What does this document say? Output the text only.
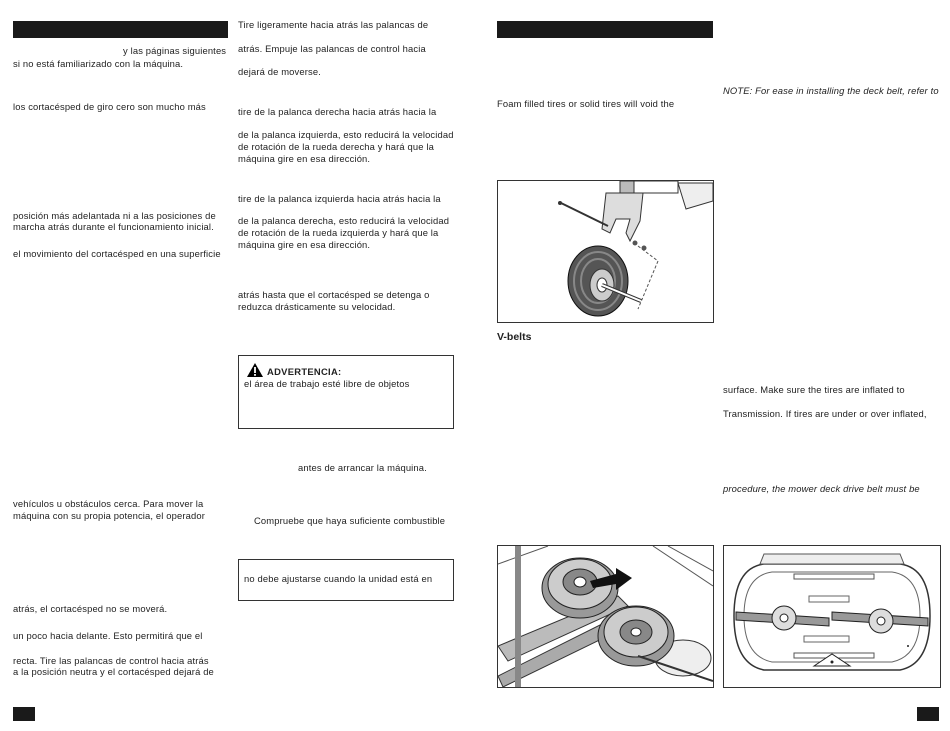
y las páginas siguientes
si no está familiarizado con la máquina.
los cortacésped de giro cero son mucho más
posición más adelantada ni a las posiciones de
marcha atrás durante el funcionamiento inicial.
el movimiento del cortacésped en una superficie
vehículos u obstáculos cerca. Para mover la
máquina con su propia potencia, el operador
atrás, el cortacésped no se moverá.
un poco hacia delante. Esto permitirá que el
recta. Tire las palancas de control hacia atrás
a la posición neutra y el cortacésped dejará de
Tire ligeramente hacia atrás las palancas de
atrás. Empuje las palancas de control hacia
dejará de moverse.
tire de la palanca derecha hacia atrás hacia la
de la palanca izquierda, esto reducirá la velocidad
de rotación de la rueda derecha y hará que la
máquina gire en esa dirección.
tire de la palanca izquierda hacia atrás hacia la
de la palanca derecha, esto reducirá la velocidad
de rotación de la rueda izquierda y hará que la
máquina gire en esa dirección.
atrás hasta que el cortacésped se detenga o
reduzca drásticamente su velocidad.
ADVERTENCIA:
el área de trabajo esté libre de objetos
antes de arrancar la máquina.
Compruebe que haya suficiente combustible
no debe ajustarse cuando la unidad está en
Foam filled tires or solid tires will void the
V-belts
NOTE: For ease in installing the deck belt, refer to
surface. Make sure the tires are inflated to
Transmission. If tires are under or over inflated,
procedure, the mower deck drive belt must be
